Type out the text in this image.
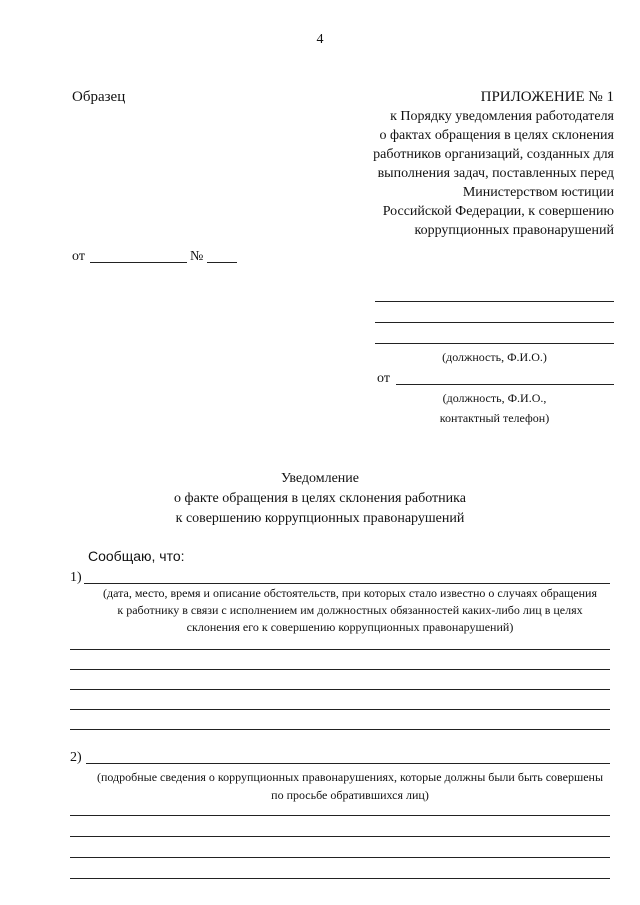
4
Образец	ПРИЛОЖЕНИЕ № 1
к Порядку уведомления работодателя
о фактах обращения в целях склонения
работников организаций, созданных для
выполнения задач, поставленных перед
Министерством юстиции
Российской Федерации, к совершению
коррупционных правонарушений
от	№
(должность, Ф.И.О.)
от
(должность, Ф.И.О.,
контактный телефон)
Уведомление
о факте обращения в целях склонения работника
к совершению коррупционных правонарушений
Сообщаю, что:
1)
(дата, место, время и описание обстоятельств, при которых стало известно о случаях обращения
к работнику в связи с исполнением им должностных обязанностей каких-либо лиц в целях
склонения его к совершению коррупционных правонарушений)
2)
(подробные сведения о коррупционных правонарушениях, которые должны были быть совершены
по просьбе обратившихся лиц)
